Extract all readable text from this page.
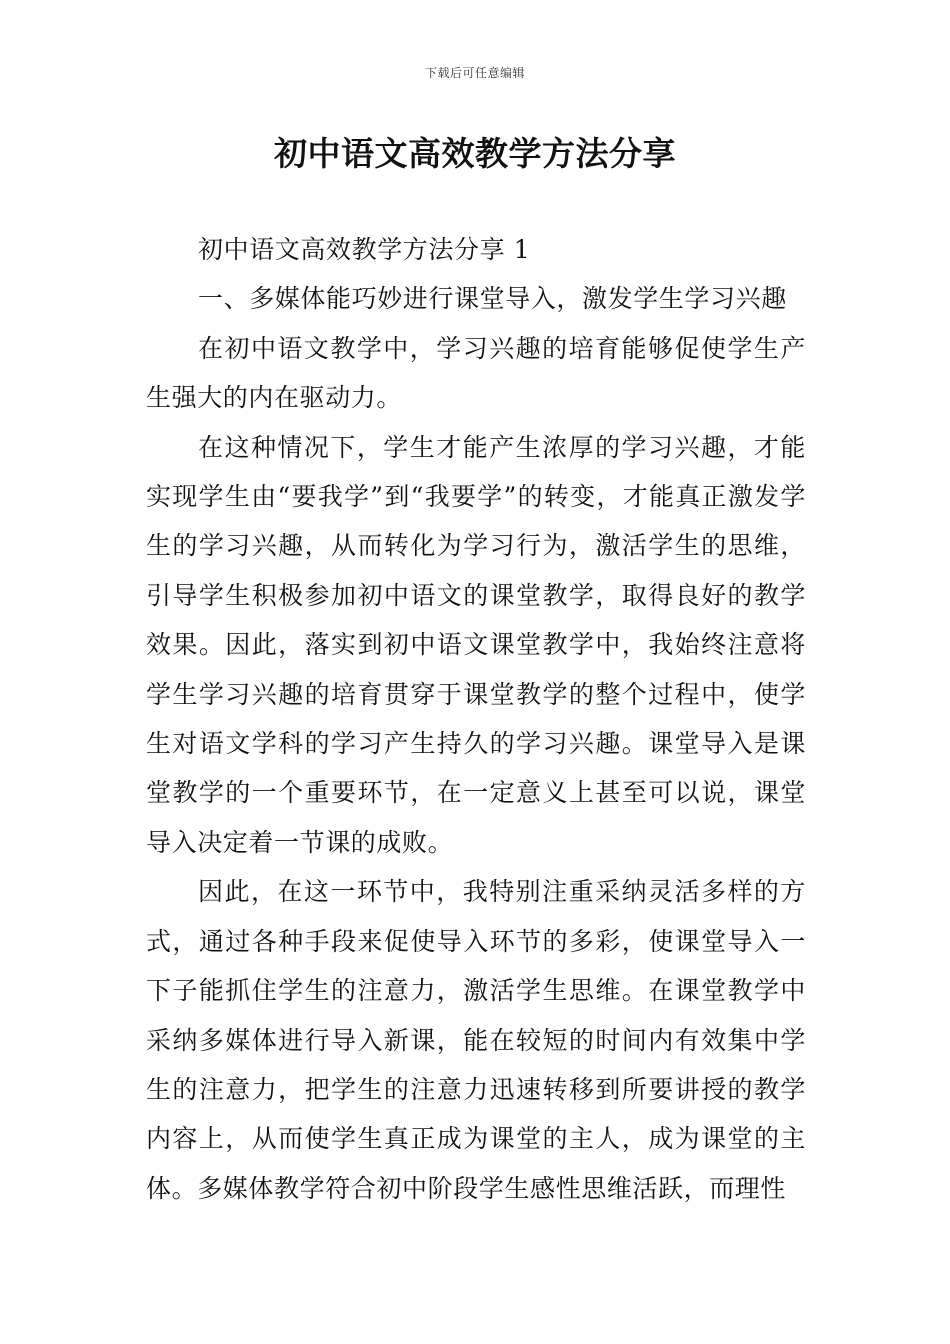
下载后可任意编辑
初中语文高效教学方法分享

初中语文高效教学方法分享 1

一、多媒体能巧妙进行课堂导入，激发学生学习兴趣

在初中语文教学中，学习兴趣的培育能够促使学生产生强大的内在驱动力。

在这种情况下，学生才能产生浓厚的学习兴趣，才能实现学生由“要我学”到“我要学”的转变，才能真正激发学生的学习兴趣，从而转化为学习行为，激活学生的思维，引导学生积极参加初中语文的课堂教学，取得良好的教学效果。因此，落实到初中语文课堂教学中，我始终注意将学生学习兴趣的培育贯穿于课堂教学的整个过程中，使学生对语文学科的学习产生持久的学习兴趣。课堂导入是课堂教学的一个重要环节，在一定意义上甚至可以说，课堂导入决定着一节课的成败。

因此，在这一环节中，我特别注重采纳灵活多样的方式，通过各种手段来促使导入环节的多彩，使课堂导入一下子能抓住学生的注意力，激活学生思维。在课堂教学中采纳多媒体进行导入新课，能在较短的时间内有效集中学生的注意力，把学生的注意力迅速转移到所要讲授的教学内容上，从而使学生真正成为课堂的主人，成为课堂的主体。多媒体教学符合初中阶段学生感性思维活跃，而理性
